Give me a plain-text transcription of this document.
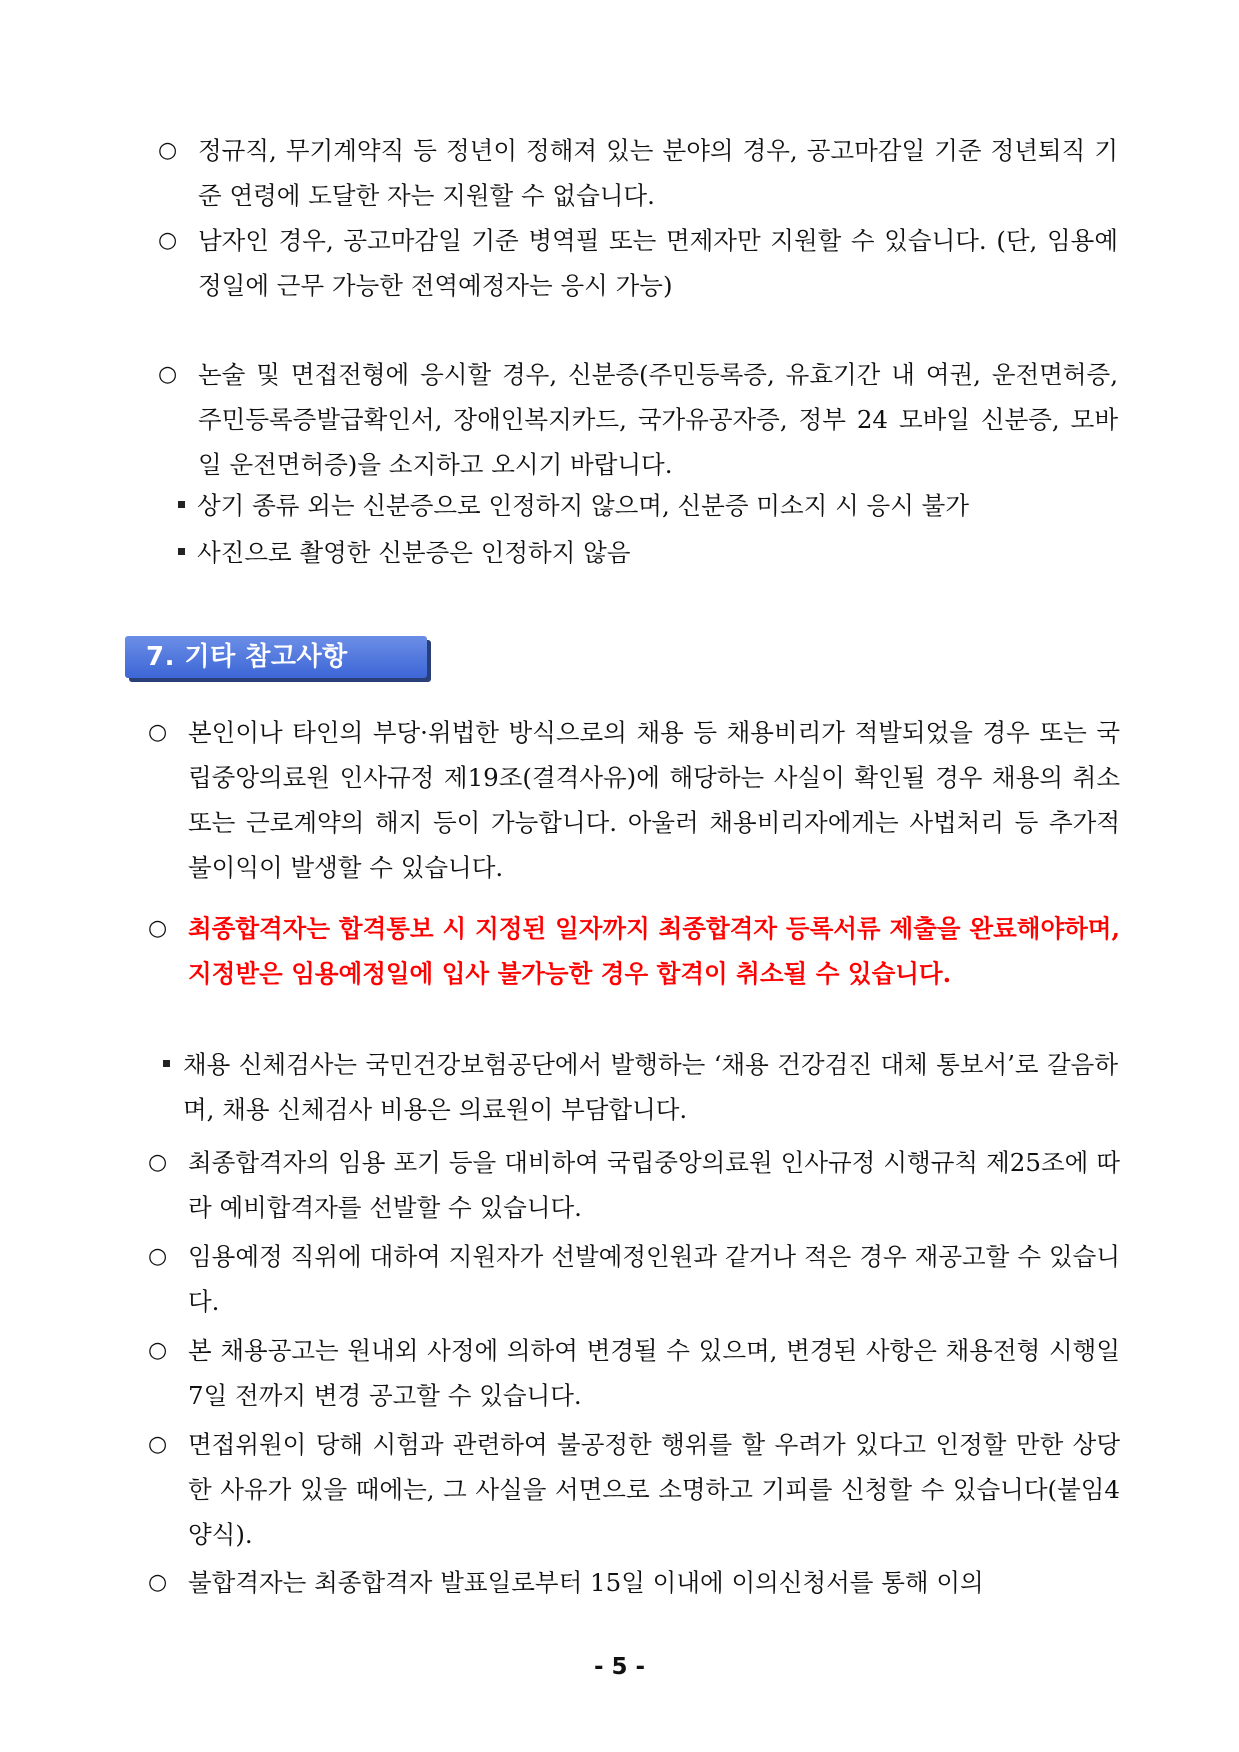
○ 정규직, 무기계약직 등 정년이 정해져 있는 분야의 경우, 공고마감일 기준 정년퇴직 기준 연령에 도달한 자는 지원할 수 없습니다.
○ 남자인 경우, 공고마감일 기준 병역필 또는 면제자만 지원할 수 있습니다. (단, 임용예정일에 근무 가능한 전역예정자는 응시 가능)
○ 논술 및 면접전형에 응시할 경우, 신분증(주민등록증, 유효기간 내 여권, 운전면허증, 주민등록증발급확인서, 장애인복지카드, 국가유공자증, 정부 24 모바일 신분증, 모바일 운전면허증)을 소지하고 오시기 바랍니다.
상기 종류 외는 신분증으로 인정하지 않으며, 신분증 미소지 시 응시 불가
사진으로 촬영한 신분증은 인정하지 않음
7. 기타 참고사항
○ 본인이나 타인의 부당·위법한 방식으로의 채용 등 채용비리가 적발되었을 경우 또는 국립중앙의료원 인사규정 제19조(결격사유)에 해당하는 사실이 확인될 경우 채용의 취소 또는 근로계약의 해지 등이 가능합니다. 아울러 채용비리자에게는 사법처리 등 추가적 불이익이 발생할 수 있습니다.
○ 최종합격자는 합격통보 시 지정된 일자까지 최종합격자 등록서류 제출을 완료해야하며, 지정받은 임용예정일에 입사 불가능한 경우 합격이 취소될 수 있습니다.
채용 신체검사는 국민건강보험공단에서 발행하는 ‘채용 건강검진 대체 통보서’로 갈음하며, 채용 신체검사 비용은 의료원이 부담합니다.
○ 최종합격자의 임용 포기 등을 대비하여 국립중앙의료원 인사규정 시행규칙 제25조에 따라 예비합격자를 선발할 수 있습니다.
○ 임용예정 직위에 대하여 지원자가 선발예정인원과 같거나 적은 경우 재공고할 수 있습니다.
○ 본 채용공고는 원내외 사정에 의하여 변경될 수 있으며, 변경된 사항은 채용전형 시행일 7일 전까지 변경 공고할 수 있습니다.
○ 면접위원이 당해 시험과 관련하여 불공정한 행위를 할 우려가 있다고 인정할 만한 상당한 사유가 있을 때에는, 그 사실을 서면으로 소명하고 기피를 신청할 수 있습니다(붙임4 양식).
○ 불합격자는 최종합격자 발표일로부터 15일 이내에 이의신청서를 통해 이의
- 5 -
